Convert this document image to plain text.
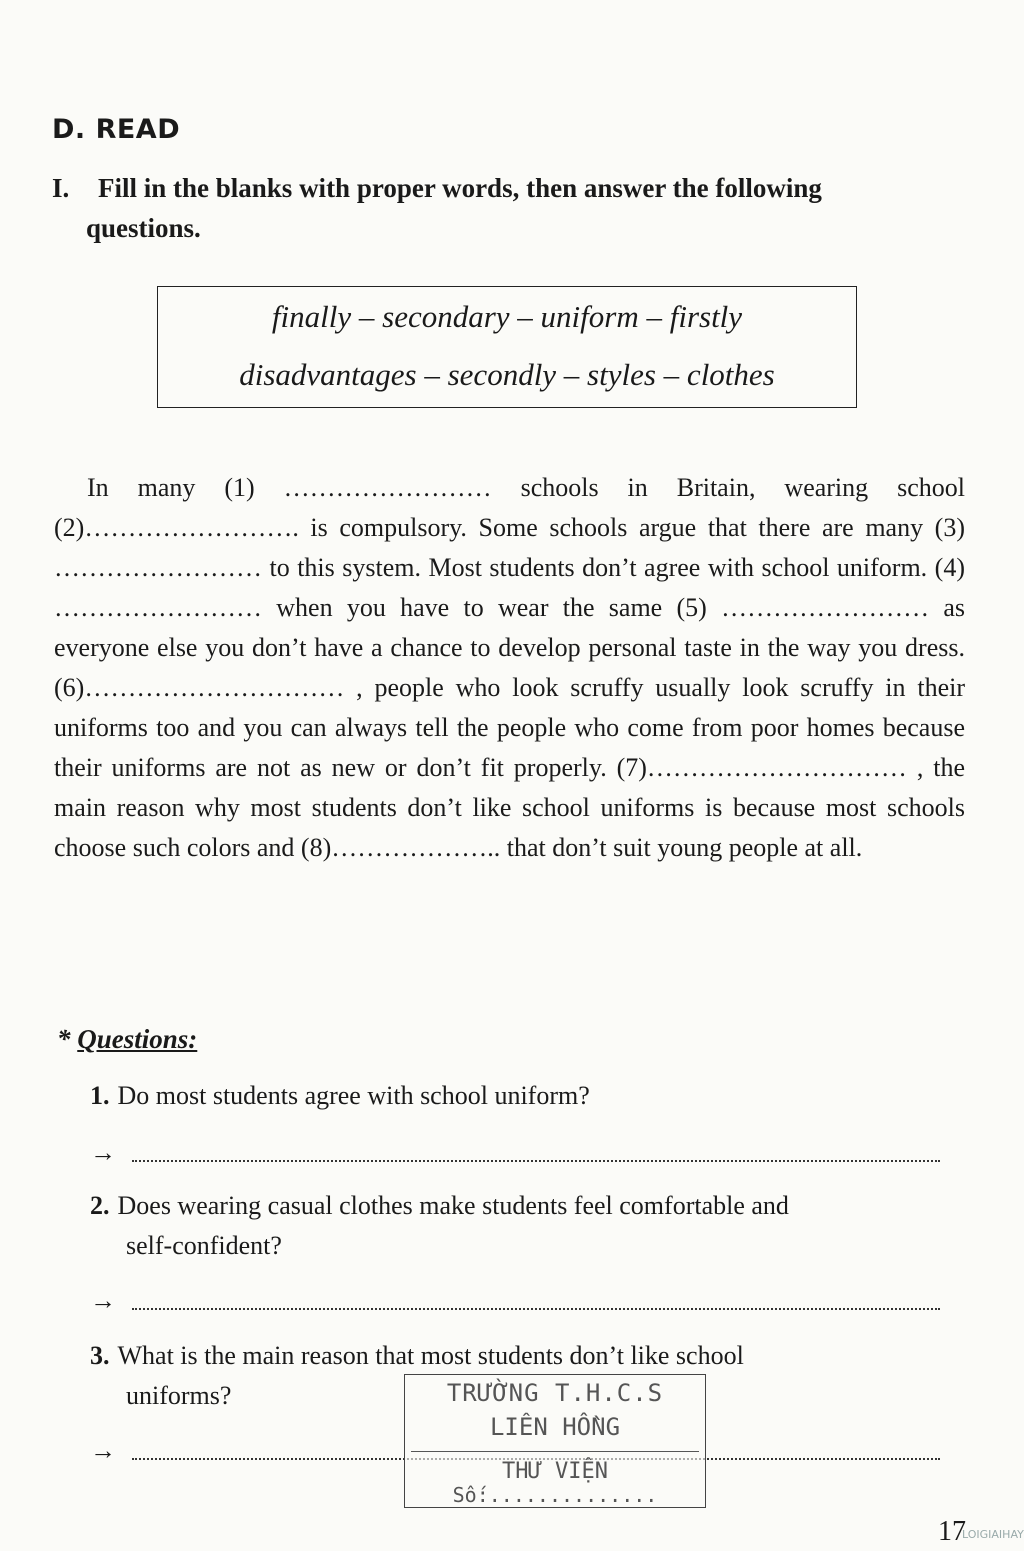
D. READ
I. Fill in the blanks with proper words, then answer the following
questions.
finally – secondary – uniform – firstly
disadvantages – secondly – styles – clothes
In many (1) …………………… schools in Britain, wearing school (2)……………………. is compulsory. Some schools argue that there are many (3) …………………… to this system. Most students don’t agree with school uniform. (4) …………………… when you have to wear the same (5) …………………… as everyone else you don’t have a chance to develop personal taste in the way you dress. (6)………………………… , people who look scruffy usually look scruffy in their uniforms too and you can always tell the people who come from poor homes because their uniforms are not as new or don’t fit properly. (7)………………………… , the main reason why most students don’t like school uniforms is because most schools choose such colors and (8)……………….. that don’t suit young people at all.
* Questions:
1. Do most students agree with school uniform?
→
2. Does wearing casual clothes make students feel comfortable and
self-confident?
→
3. What is the main reason that most students don’t like school
uniforms?
→
TRƯỜNG T.H.C.S
LIÊN HỒNG
THƯ VIỆN
Số:..............
17
LOIGIAIHAY
